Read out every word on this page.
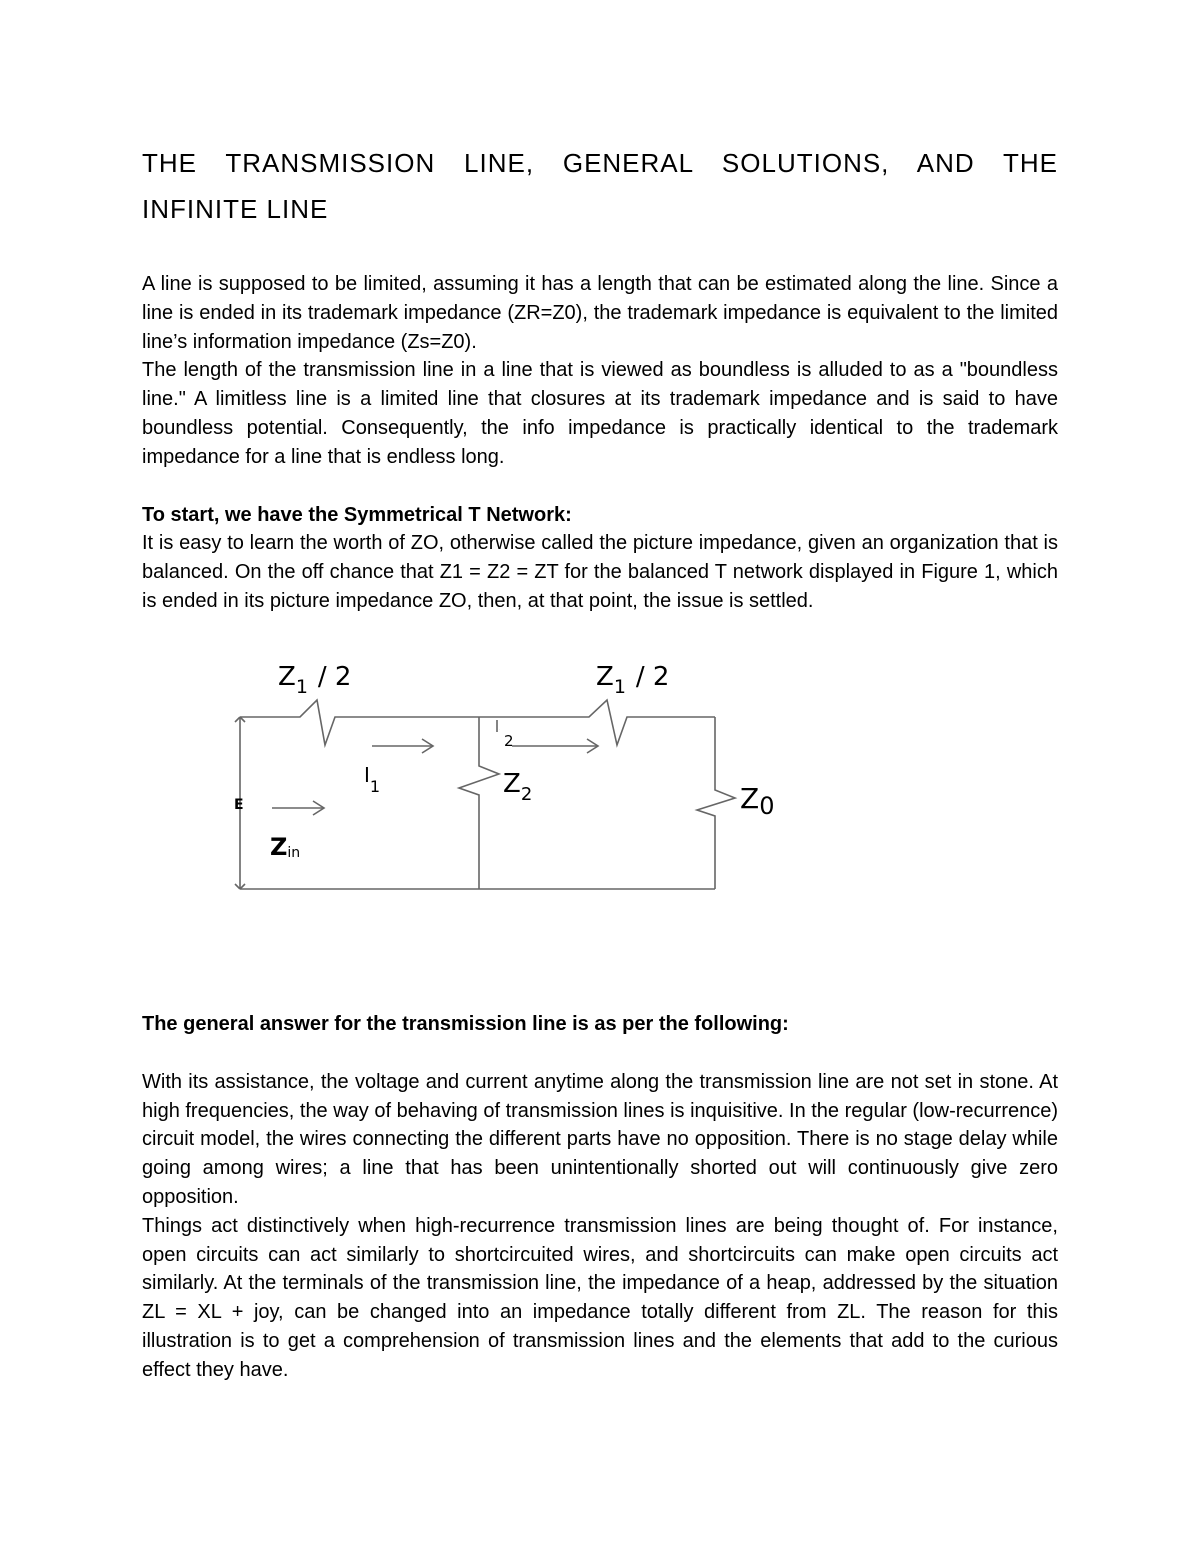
THE TRANSMISSION LINE, GENERAL SOLUTIONS, AND THE INFINITE LINE

A line is supposed to be limited, assuming it has a length that can be estimated along the line. Since a line is ended in its trademark impedance (ZR=Z0), the trademark impedance is equivalent to the limited line’s information impedance (Zs=Z0).

The length of the transmission line in a line that is viewed as boundless is alluded to as a "boundless line." A limitless line is a limited line that closures at its trademark impedance and is said to have boundless potential. Consequently, the info impedance is practically identical to the trademark impedance for a line that is endless long.

To start, we have the Symmetrical T Network:

It is easy to learn the worth of ZO, otherwise called the picture impedance, given an organization that is balanced. On the off chance that Z1 = Z2 = ZT for the balanced T network displayed in Figure 1, which is ended in its picture impedance ZO, then, at that point, the issue is settled.

$Z_1 / 2$	$Z_1 / 2$
$I_1$
I
2
$Z_2$	Z0
E
Zin

The general answer for the transmission line is as per the following:

With its assistance, the voltage and current anytime along the transmission line are not set in stone. At high frequencies, the way of behaving of transmission lines is inquisitive. In the regular (low-recurrence) circuit model, the wires connecting the different parts have no opposition. There is no stage delay while going among wires; a line that has been unintentionally shorted out will continuously give zero opposition.

Things act distinctively when high-recurrence transmission lines are being thought of. For instance, open circuits can act similarly to shortcircuited wires, and shortcircuits can make open circuits act similarly. At the terminals of the transmission line, the impedance of a heap, addressed by the situation ZL = XL + joy, can be changed into an impedance totally different from ZL. The reason for this illustration is to get a comprehension of transmission lines and the elements that add to the curious effect they have.
